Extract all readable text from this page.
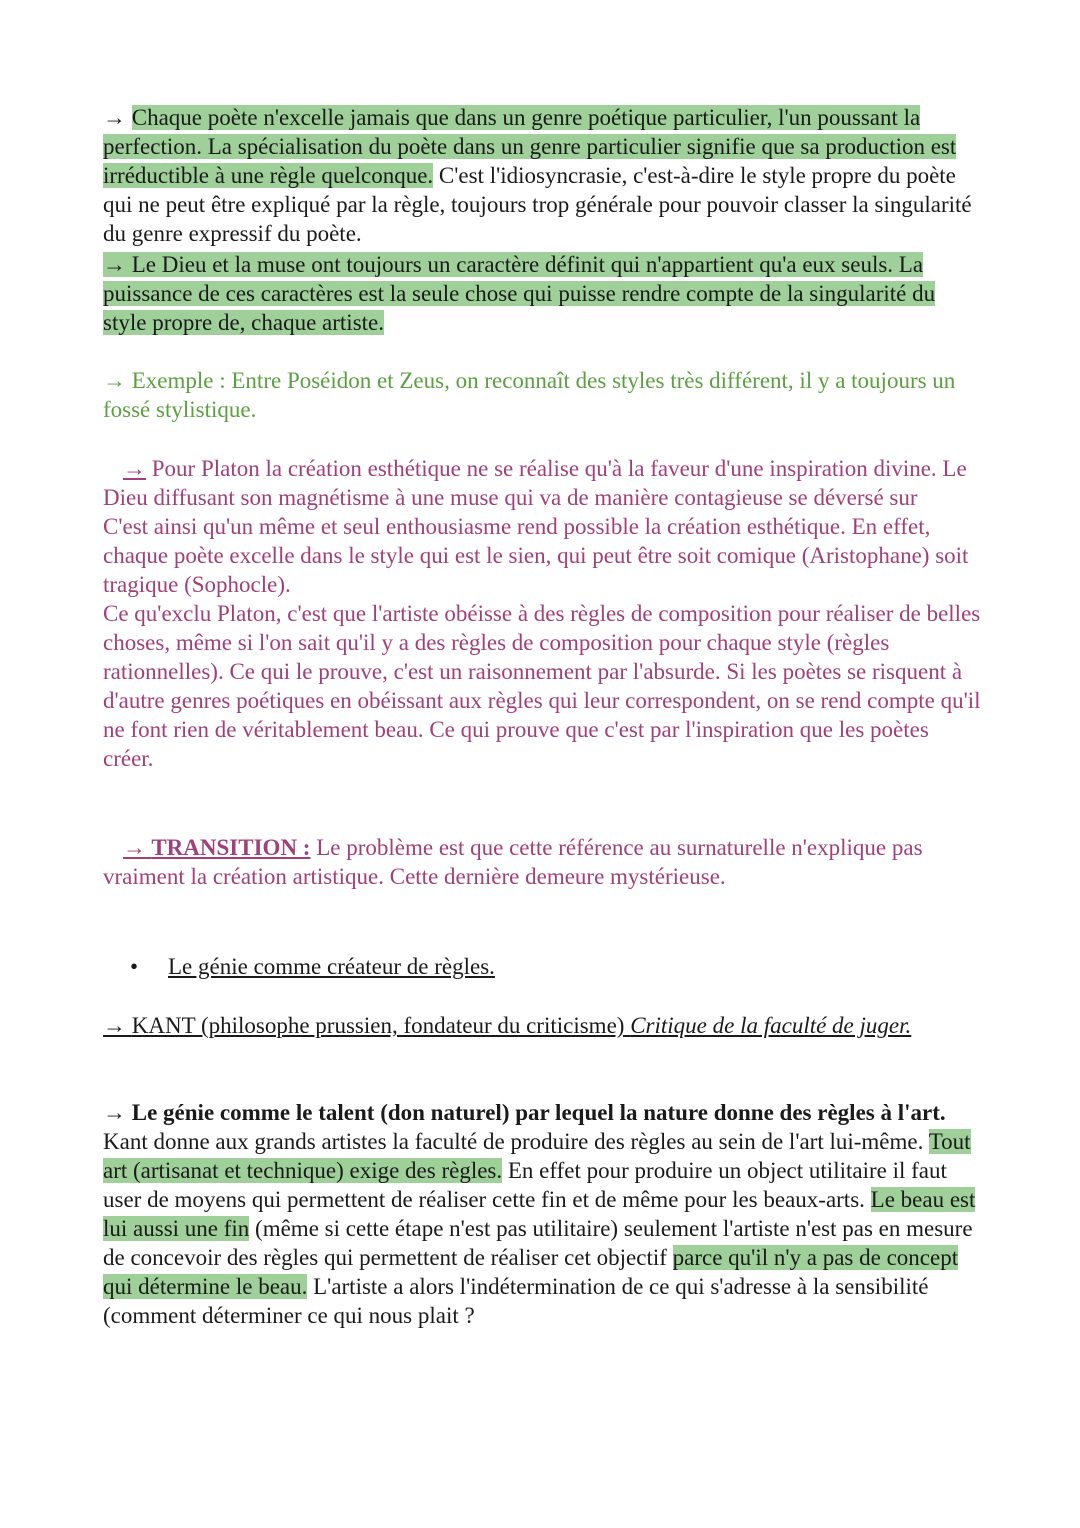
→ Chaque poète n'excelle jamais que dans un genre poétique particulier, l'un poussant la perfection. La spécialisation du poète dans un genre particulier signifie que sa production est irréductible à une règle quelconque. C'est l'idiosyncrasie, c'est-à-dire le style propre du poète qui ne peut être expliqué par la règle, toujours trop générale pour pouvoir classer la singularité du genre expressif du poète.
→ Le Dieu et la muse ont toujours un caractère définit qui n'appartient qu'a eux seuls. La puissance de ces caractères est la seule chose qui puisse rendre compte de la singularité du style propre de, chaque artiste.
→ Exemple : Entre Poséidon et Zeus, on reconnaît des styles très différent, il y a toujours un fossé stylistique.
→ Pour Platon la création esthétique ne se réalise qu'à la faveur d'une inspiration divine. Le Dieu diffusant son magnétisme à une muse qui va de manière contagieuse se déversé sur
C'est ainsi qu'un même et seul enthousiasme rend possible la création esthétique. En effet, chaque poète excelle dans le style qui est le sien, qui peut être soit comique (Aristophane) soit tragique (Sophocle).
Ce qu'exclu Platon, c'est que l'artiste obéisse à des règles de composition pour réaliser de belles choses, même si l'on sait qu'il y a des règles de composition pour chaque style (règles rationnelles). Ce qui le prouve, c'est un raisonnement par l'absurde. Si les poètes se risquent à d'autre genres poétiques en obéissant aux règles qui leur correspondent, on se rend compte qu'il ne font rien de véritablement beau. Ce qui prouve que c'est par l'inspiration que les poètes créer.
→ TRANSITION : Le problème est que cette référence au surnaturelle n'explique pas vraiment la création artistique. Cette dernière demeure mystérieuse.
• Le génie comme créateur de règles.
→ KANT (philosophe prussien, fondateur du criticisme) Critique de la faculté de juger.
→ Le génie comme le talent (don naturel) par lequel la nature donne des règles à l'art. Kant donne aux grands artistes la faculté de produire des règles au sein de l'art lui-même. Tout art (artisanat et technique) exige des règles. En effet pour produire un object utilitaire il faut user de moyens qui permettent de réaliser cette fin et de même pour les beaux-arts. Le beau est lui aussi une fin (même si cette étape n'est pas utilitaire) seulement l'artiste n'est pas en mesure de concevoir des règles qui permettent de réaliser cet objectif parce qu'il n'y a pas de concept qui détermine le beau. L'artiste a alors l'indétermination de ce qui s'adresse à la sensibilité (comment déterminer ce qui nous plait ?
